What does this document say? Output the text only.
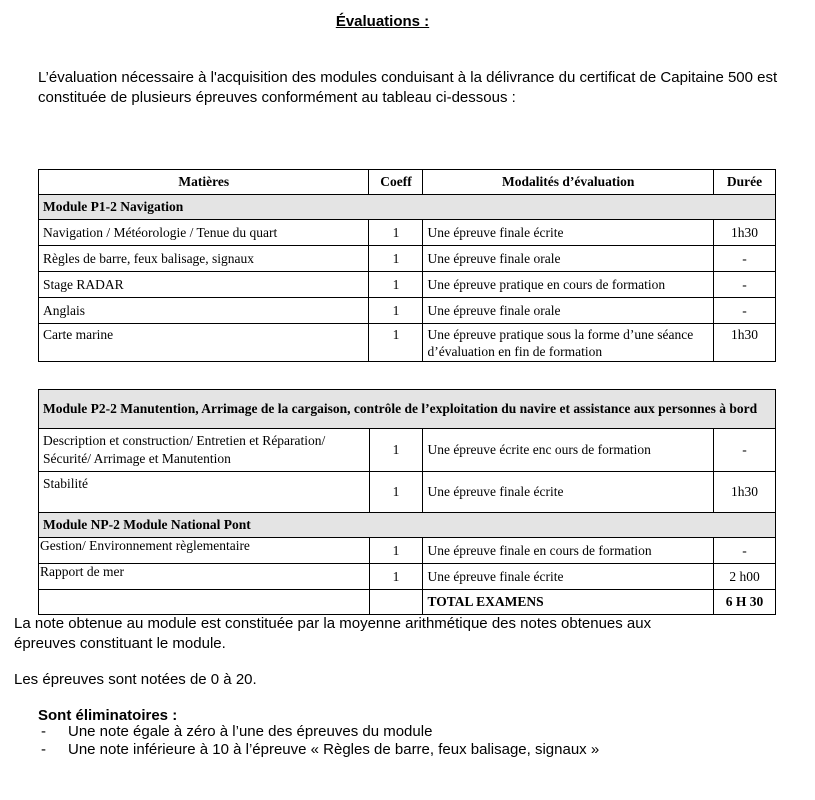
Évaluations :
L’évaluation nécessaire à l'acquisition des modules conduisant à la délivrance du certificat de Capitaine 500 est constituée de plusieurs épreuves conformément au tableau ci-dessous :
Matières	Coeff	Modalités d’évaluation	Durée
Module P1-2 Navigation			
Navigation / Météorologie / Tenue du quart	1	Une épreuve finale écrite	1h30
Règles de barre, feux balisage, signaux	1	Une épreuve finale orale	-
Stage RADAR	1	Une épreuve pratique en cours de formation	-
Anglais	1	Une épreuve finale orale	-
Carte marine	1	Une épreuve pratique sous la forme d’une séance d’évaluation en fin de formation	1h30
Module P2-2 Manutention, Arrimage de la cargaison, contrôle de l’exploitation du navire et assistance aux personnes à bord			
Description et construction/ Entretien et Réparation/ Sécurité/ Arrimage et Manutention	1	Une épreuve écrite enc ours de formation	-
Stabilité	1	Une épreuve finale écrite	1h30
Module NP-2 Module National Pont			
Gestion/ Environnement règlementaire	1	Une épreuve finale en cours de formation	-
Rapport de mer	1	Une épreuve finale écrite	2 h00
		TOTAL EXAMENS	6 H 30
La note obtenue au module est constituée par la moyenne arithmétique des notes obtenues aux épreuves constituant le module.
Les épreuves sont notées de 0 à 20.
Sont éliminatoires :
- Une note égale à zéro à l’une des épreuves du module
- Une note inférieure à 10 à l’épreuve « Règles de barre, feux balisage, signaux »
